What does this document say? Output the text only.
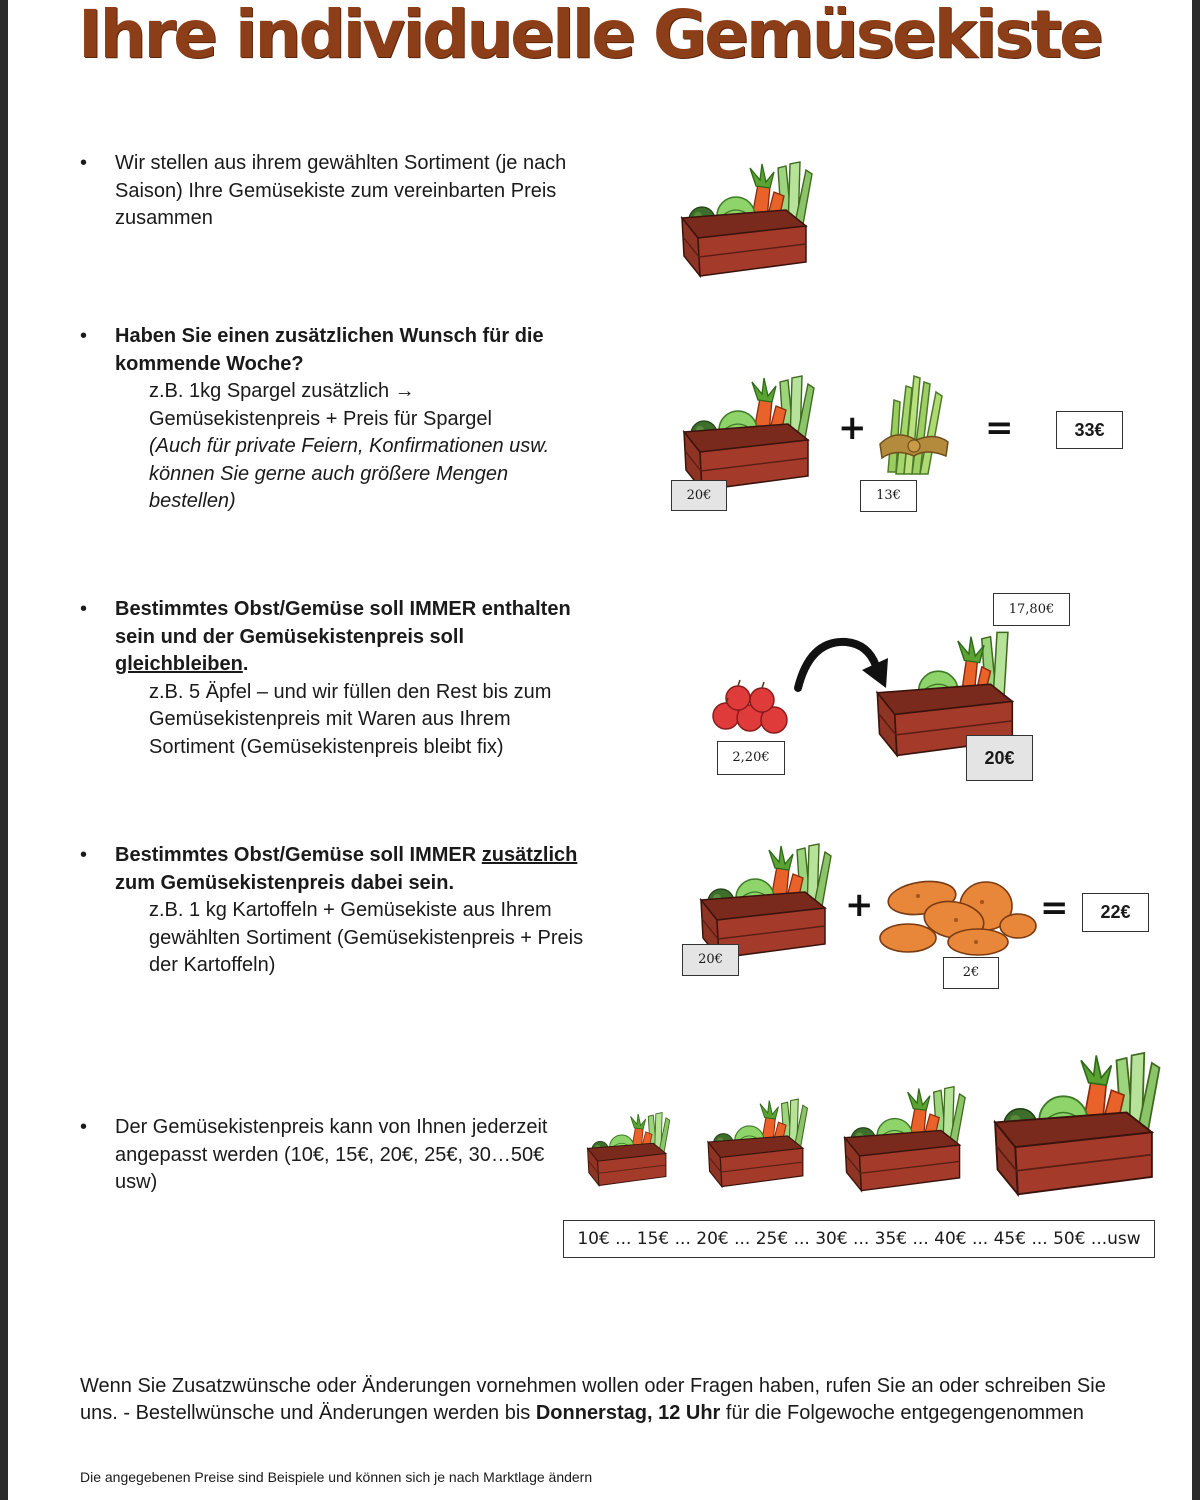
Ihre individuelle Gemüsekiste
• Wir stellen aus ihrem gewählten Sortiment (je nach Saison) Ihre Gemüsekiste zum vereinbarten Preis zusammen
• Haben Sie einen zusätzlichen Wunsch für die kommende Woche?
z.B. 1kg Spargel zusätzlich → Gemüsekistenpreis + Preis für Spargel
(Auch für private Feiern, Konfirmationen usw. können Sie gerne auch größere Mengen bestellen)
• Bestimmtes Obst/Gemüse soll IMMER enthalten sein und der Gemüsekistenpreis soll gleichbleiben.
z.B. 5 Äpfel – und wir füllen den Rest bis zum Gemüsekistenpreis mit Waren aus Ihrem Sortiment (Gemüsekistenpreis bleibt fix)
• Bestimmtes Obst/Gemüse soll IMMER zusätzlich zum Gemüsekistenpreis dabei sein.
z.B. 1 kg Kartoffeln + Gemüsekiste aus Ihrem gewählten Sortiment (Gemüsekistenpreis + Preis der Kartoffeln)
• Der Gemüsekistenpreis kann von Ihnen jederzeit angepasst werden (10€, 15€, 20€, 25€, 30…50€ usw)
+	=
+	=
20€	13€
33€
17,80€
2,20€	20€
20€
2€
22€
10€ ... 15€ ... 20€ ... 25€ ... 30€ ... 35€ ... 40€ ... 45€ ... 50€ ...usw
Wenn Sie Zusatzwünsche oder Änderungen vornehmen wollen oder Fragen haben, rufen Sie an oder schreiben Sie uns. - Bestellwünsche und Änderungen werden bis Donnerstag, 12 Uhr für die Folgewoche entgegengenommen
Die angegebenen Preise sind Beispiele und können sich je nach Marktlage ändern
